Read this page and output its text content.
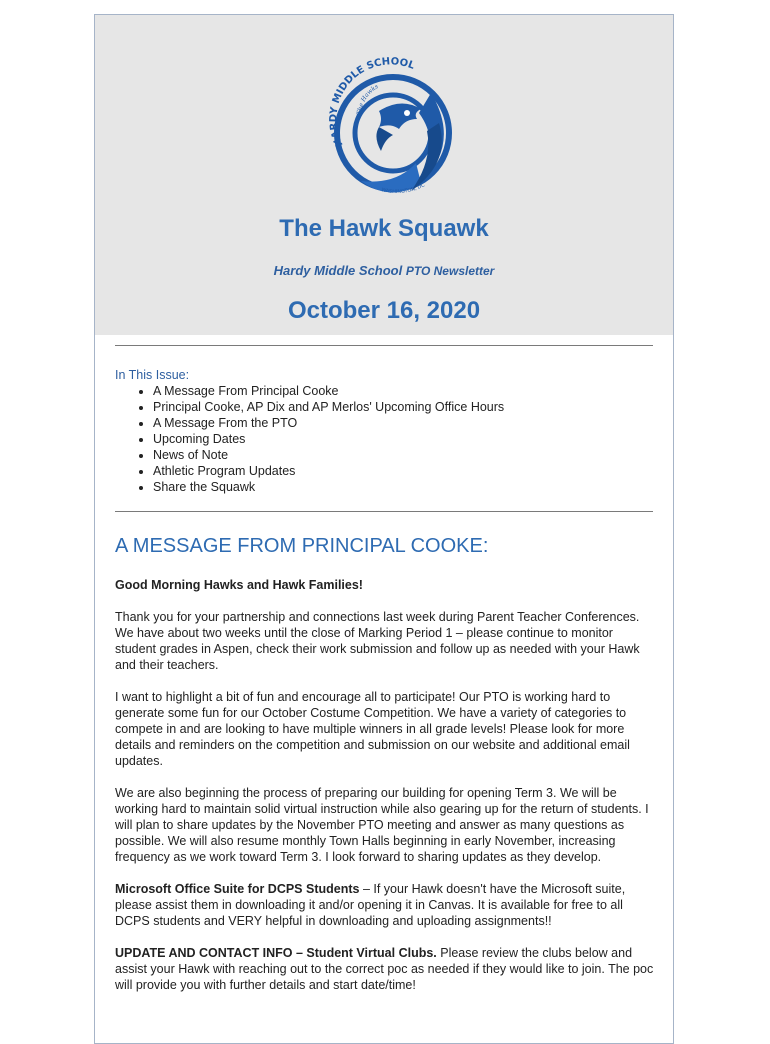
HARDY MIDDLE SCHOOL
The Hawks
WASHINGTON, DC
The Hawk Squawk
Hardy Middle School PTO Newsletter
October 16, 2020
In This Issue:
• A Message From Principal Cooke
• Principal Cooke, AP Dix and AP Merlos' Upcoming Office Hours
• A Message From the PTO
• Upcoming Dates
• News of Note
• Athletic Program Updates
• Share the Squawk
A MESSAGE FROM PRINCIPAL COOKE:

Good Morning Hawks and Hawk Families!

Thank you for your partnership and connections last week during Parent Teacher Conferences. We have about two weeks until the close of Marking Period 1 – please continue to monitor student grades in Aspen, check their work submission and follow up as needed with your Hawk and their teachers.

I want to highlight a bit of fun and encourage all to participate! Our PTO is working hard to generate some fun for our October Costume Competition. We have a variety of categories to compete in and are looking to have multiple winners in all grade levels! Please look for more details and reminders on the competition and submission on our website and additional email updates.

We are also beginning the process of preparing our building for opening Term 3. We will be working hard to maintain solid virtual instruction while also gearing up for the return of students. I will plan to share updates by the November PTO meeting and answer as many questions as possible. We will also resume monthly Town Halls beginning in early November, increasing frequency as we work toward Term 3. I look forward to sharing updates as they develop.

Microsoft Office Suite for DCPS Students – If your Hawk doesn't have the Microsoft suite, please assist them in downloading it and/or opening it in Canvas. It is available for free to all DCPS students and VERY helpful in downloading and uploading assignments!!

UPDATE AND CONTACT INFO – Student Virtual Clubs. Please review the clubs below and assist your Hawk with reaching out to the correct poc as needed if they would like to join. The poc will provide you with further details and start date/time!
